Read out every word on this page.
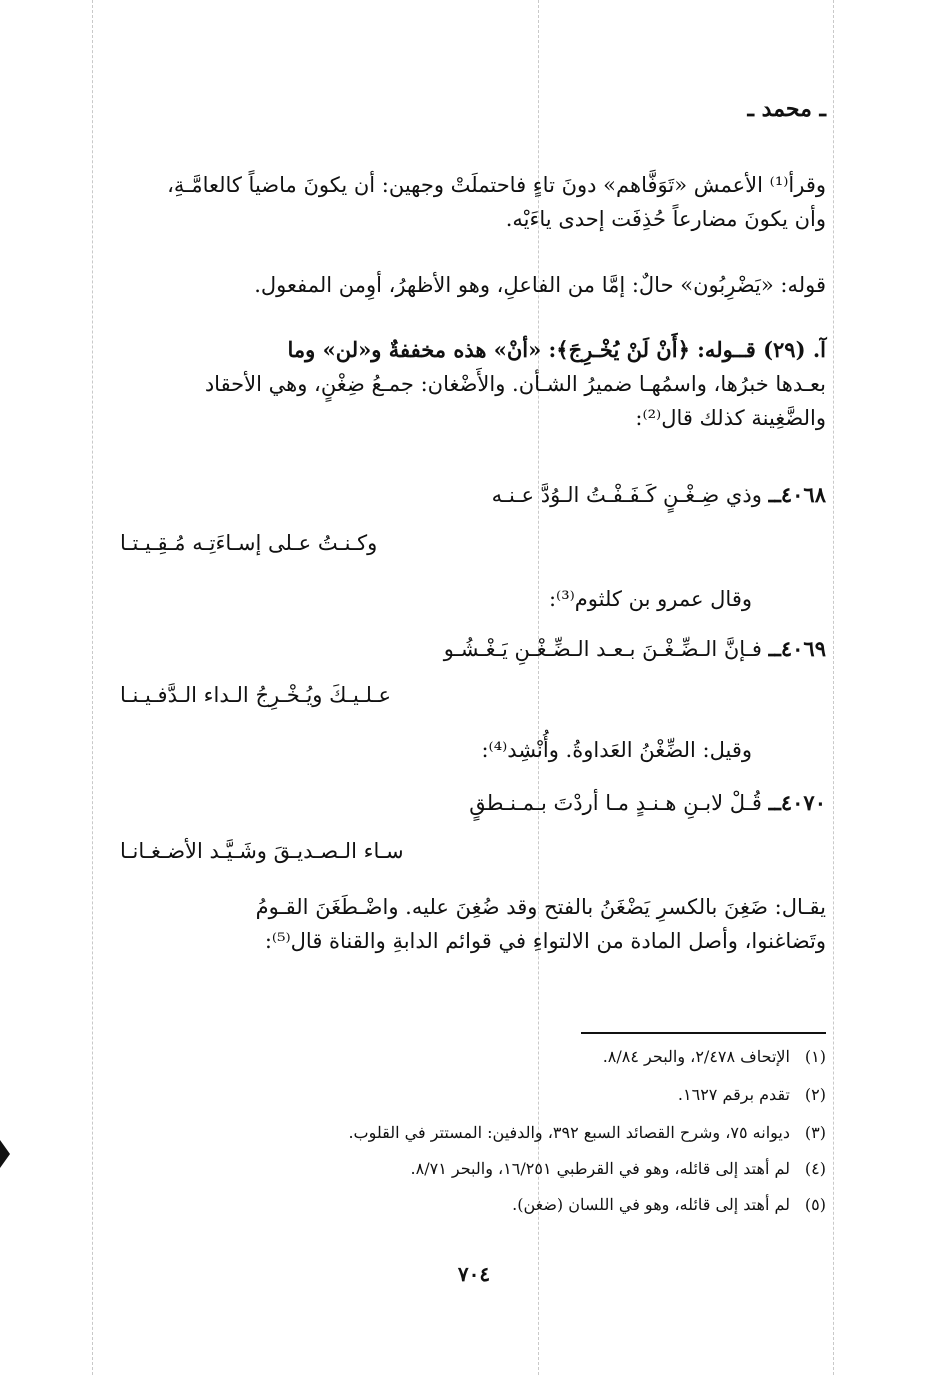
ـ محمد ـ
وقرأ⁽¹⁾ الأعمش «تَوَفَّاهم» دونَ تاءٍ فاحتملَتْ وجهين: أن يكونَ ماضياً كالعامَّـةِ،
وأن يكونَ مضارعاً حُذِفَت إحدى ياءَيْه.
قوله: «يَضْرِبُون» حالٌ: إمَّا من الفاعلِ، وهو الأظهرُ، أوِمن المفعول.
آ. (٢٩) قــوله: ﴿أَنْ لَنْ يُخْـرِجَ﴾: «أنْ» هذه مخففةٌ و«لن» وما
بعـدها خبرُها، واسمُهـا ضميرُ الشـأن. والأَضْغان: جمـعُ ضِغْنٍ، وهي الأحقاد
والضَّغِينة كذلك قال⁽²⁾:
٤٠٦٨ــ وذي ضِـغْـنٍ كَـفَـفْـتُ الـوُدَّ عـنـه
وكـنـتُ عـلى إسـاءَتِـه مُـقِـيـتـا
وقال عمرو بن كلثوم⁽³⁾:
٤٠٦٩ــ فـإنَّ الـضِّـغْـنَ بـعـد الـضِّـغْـنِ يَـغْـشُـو
عـلـيـكَ ويُـخْـرِجُ الـداء الـدَّفـيـنـا
وقيل: الضِّغْنُ العَداوةُ. وأُنْشِد⁽⁴⁾:
٤٠٧٠ــ قُـلْ لابـنِ هـنـدٍ مـا أردْتَ بـمـنـطقٍ
سـاء الـصـديـقَ وشَـيَّـد الأضـغـانـا
يقـال: ضَغِنَ بالكسرِ يَضْغَنُ بالفتح وقد ضُغِنَ عليه. واضْـطَغَنَ القـومُ
وتَضاغنوا، وأصل المادة من الالتواءِ في قوائم الدابةِ والقناة قال⁽⁵⁾:
(١)الإتحاف ٢/٤٧٨، والبحر ٨/٨٤.
(٢)تقدم برقم ١٦٢٧.
(٣)ديوانه ٧٥، وشرح القصائد السبع ٣٩٢، والدفين: المستتر في القلوب.
(٤)لم أهتد إلى قائله، وهو في القرطبي ١٦/٢٥١، والبحر ٨/٧١.
(٥)لم أهتد إلى قائله، وهو في اللسان (ضغن).
٧٠٤
